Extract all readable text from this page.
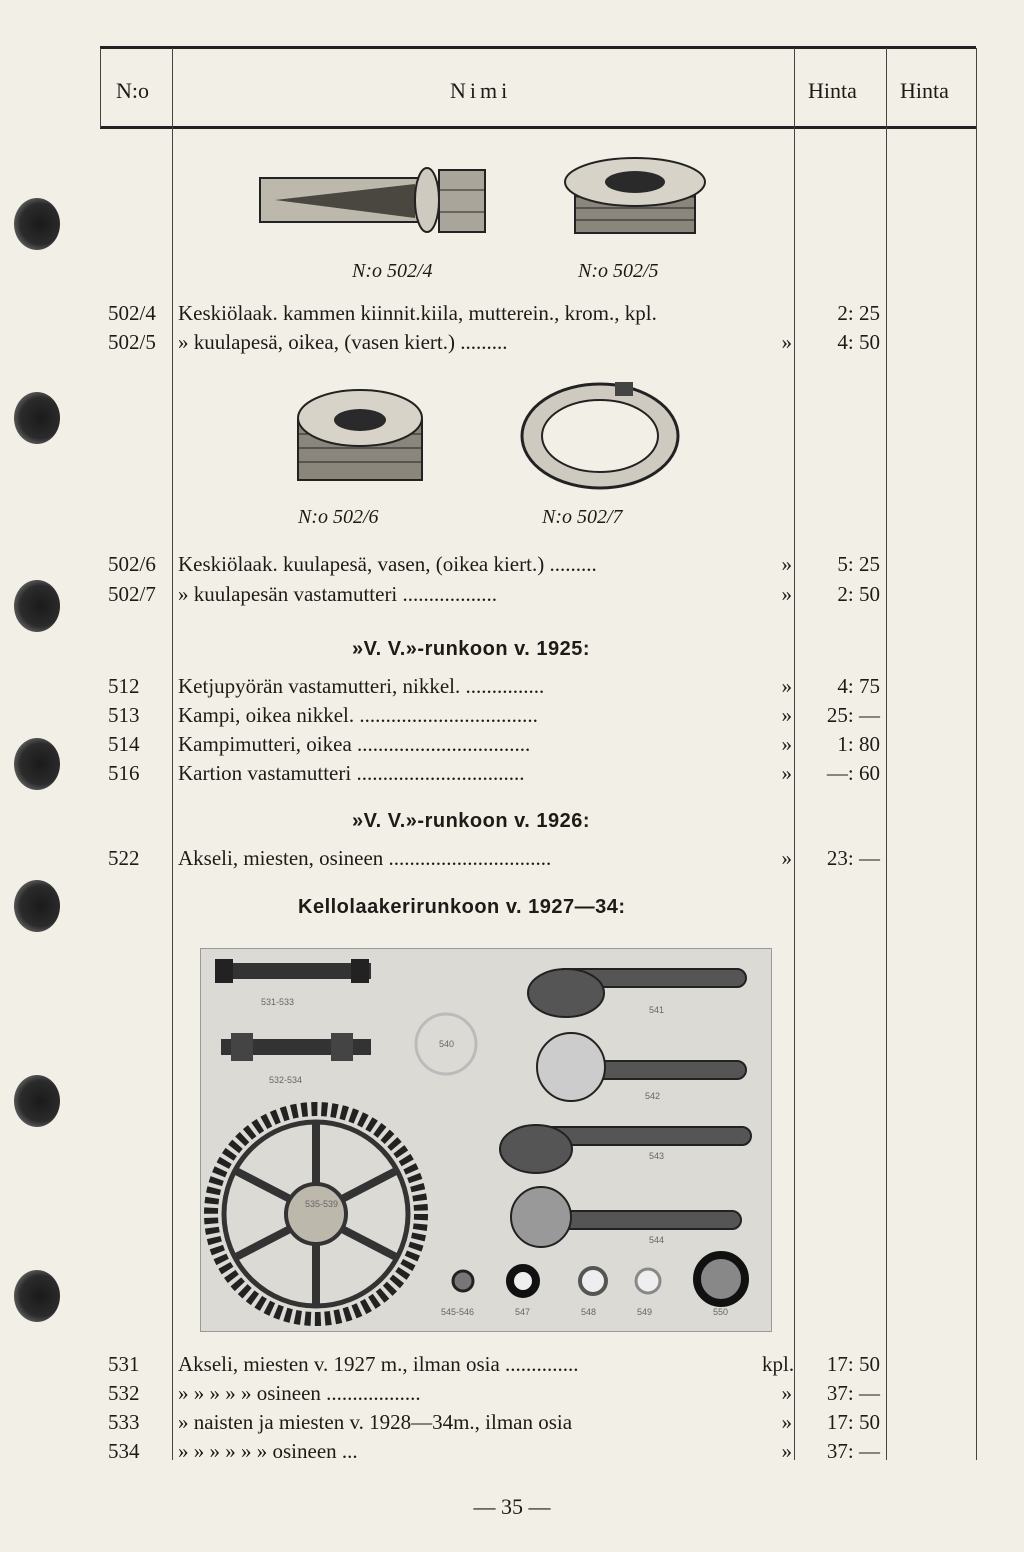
N:o	Nimi	Hinta Hinta
N:o 502/4	N:o 502/5
N:o 502/6	N:o 502/7
502/4	Keskiölaak. kammen kiinnit.kiila, mutterein., krom., kpl.	2: 25
502/5	» kuulapesä, oikea, (vasen kiert.) .........	»	4: 50
502/6	Keskiölaak. kuulapesä, vasen, (oikea kiert.) .........	»	5: 25
502/7	» kuulapesän vastamutteri ..................	»	2: 50
»V. V.»-runkoon v. 1925:
512	Ketjupyörän vastamutteri, nikkel. ...............	»	4: 75
513	Kampi, oikea nikkel. ..................................	»	25: —
514	Kampimutteri, oikea .................................	»	1: 80
516	Kartion vastamutteri ................................	»	—: 60
»V. V.»-runkoon v. 1926:
522	Akseli, miesten, osineen ...............................	»	23: —
Kellolaakerirunkoon v. 1927—34:
531-533
532-534
535-539
540
541
542
543
544
545-546	547	548	549	550
531	Akseli, miesten v. 1927 m., ilman osia ..............	kpl.	17: 50
532	» » » » » osineen ..................	»	37: —
533	» naisten ja miesten v. 1928—34m., ilman osia	»	17: 50
534	» » » » » » osineen ...	»	37: —
— 35 —
